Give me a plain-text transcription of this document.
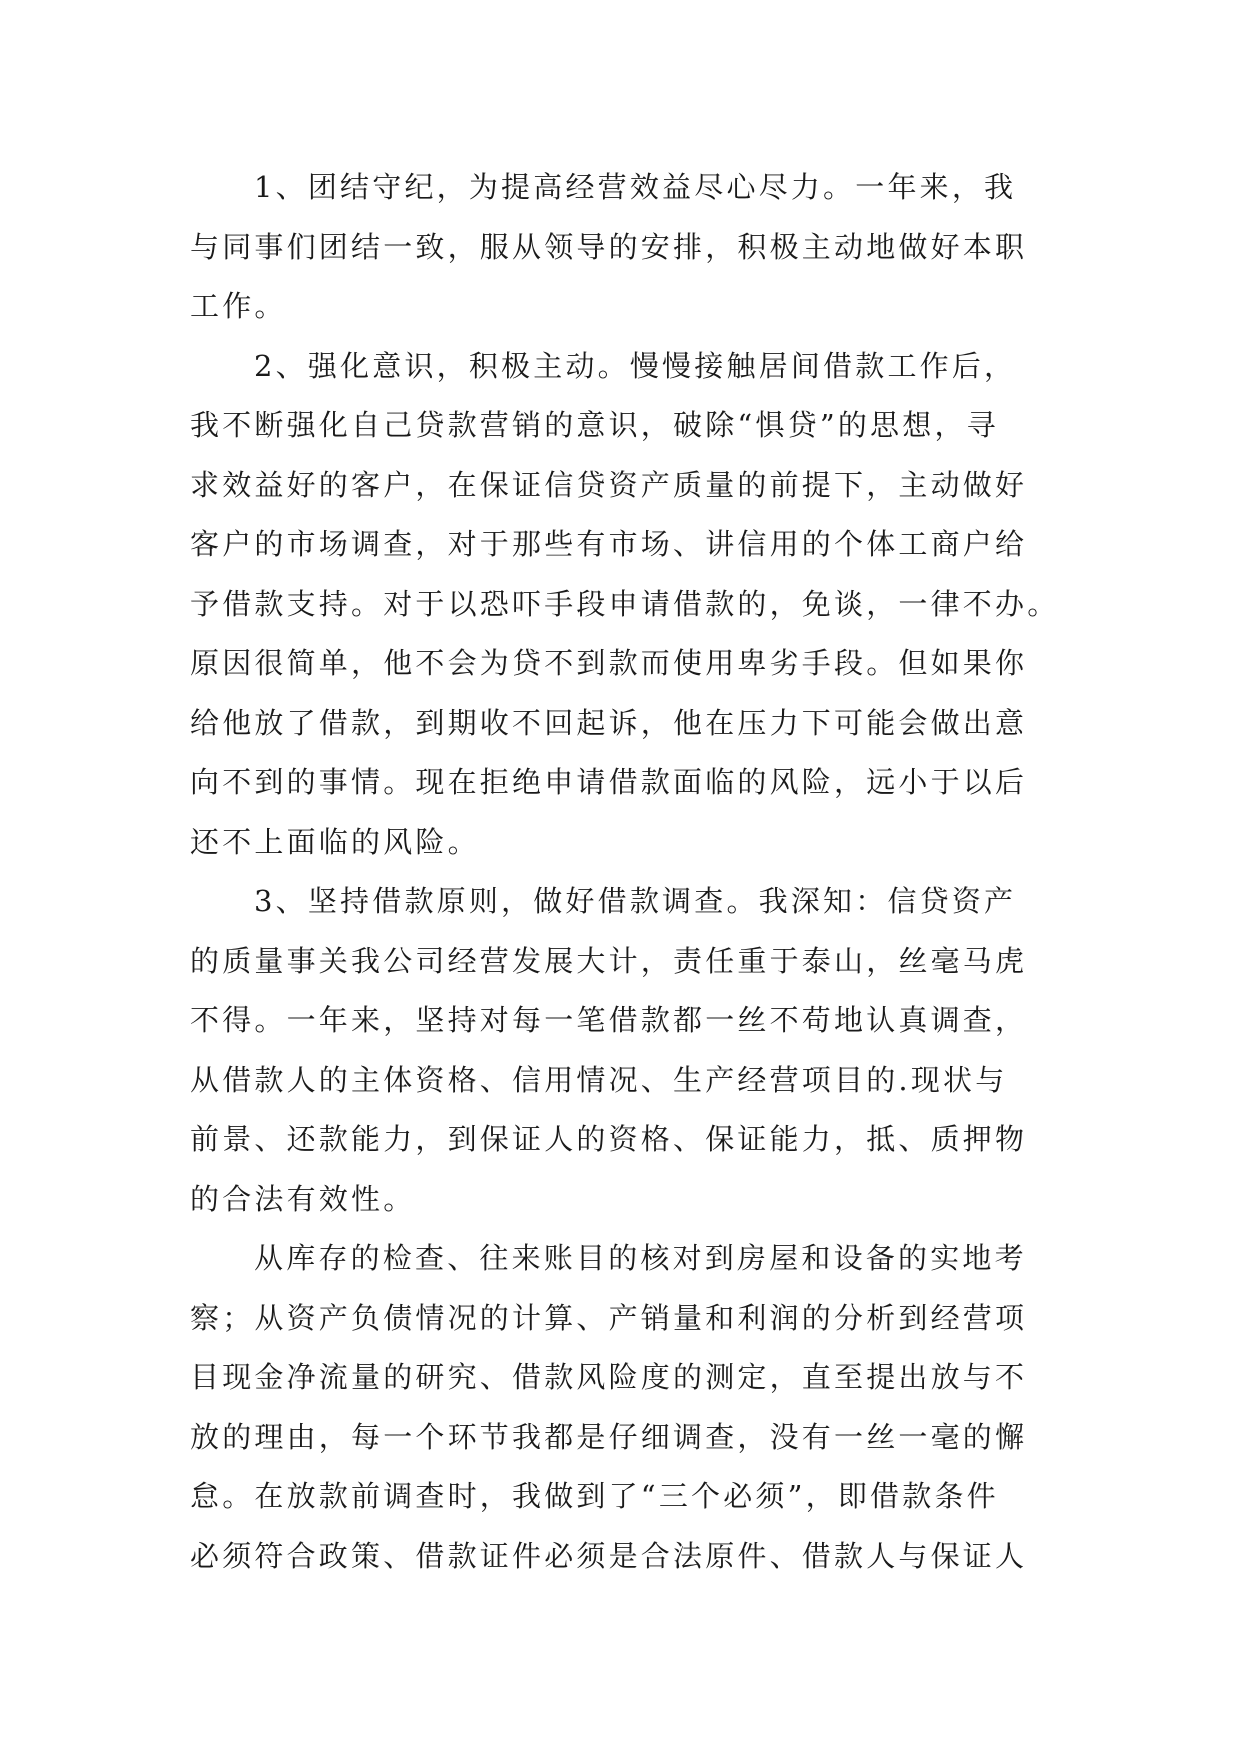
1、团结守纪，为提高经营效益尽心尽力。一年来，我
与同事们团结一致，服从领导的安排，积极主动地做好本职
工作。

2、强化意识，积极主动。慢慢接触居间借款工作后，
我不断强化自己贷款营销的意识，破除“惧贷”的思想，寻
求效益好的客户，在保证信贷资产质量的前提下，主动做好
客户的市场调查，对于那些有市场、讲信用的个体工商户给
予借款支持。对于以恐吓手段申请借款的，免谈，一律不办。
原因很简单，他不会为贷不到款而使用卑劣手段。但如果你
给他放了借款，到期收不回起诉，他在压力下可能会做出意
向不到的事情。现在拒绝申请借款面临的风险，远小于以后
还不上面临的风险。

3、坚持借款原则，做好借款调查。我深知：信贷资产
的质量事关我公司经营发展大计，责任重于泰山，丝毫马虎
不得。一年来，坚持对每一笔借款都一丝不苟地认真调查，
从借款人的主体资格、信用情况、生产经营项目的.现状与
前景、还款能力，到保证人的资格、保证能力，抵、质押物
的合法有效性。

从库存的检查、往来账目的核对到房屋和设备的实地考
察；从资产负债情况的计算、产销量和利润的分析到经营项
目现金净流量的研究、借款风险度的测定，直至提出放与不
放的理由，每一个环节我都是仔细调查，没有一丝一毫的懈
怠。在放款前调查时，我做到了“三个必须”，即借款条件
必须符合政策、借款证件必须是合法原件、借款人与保证人
